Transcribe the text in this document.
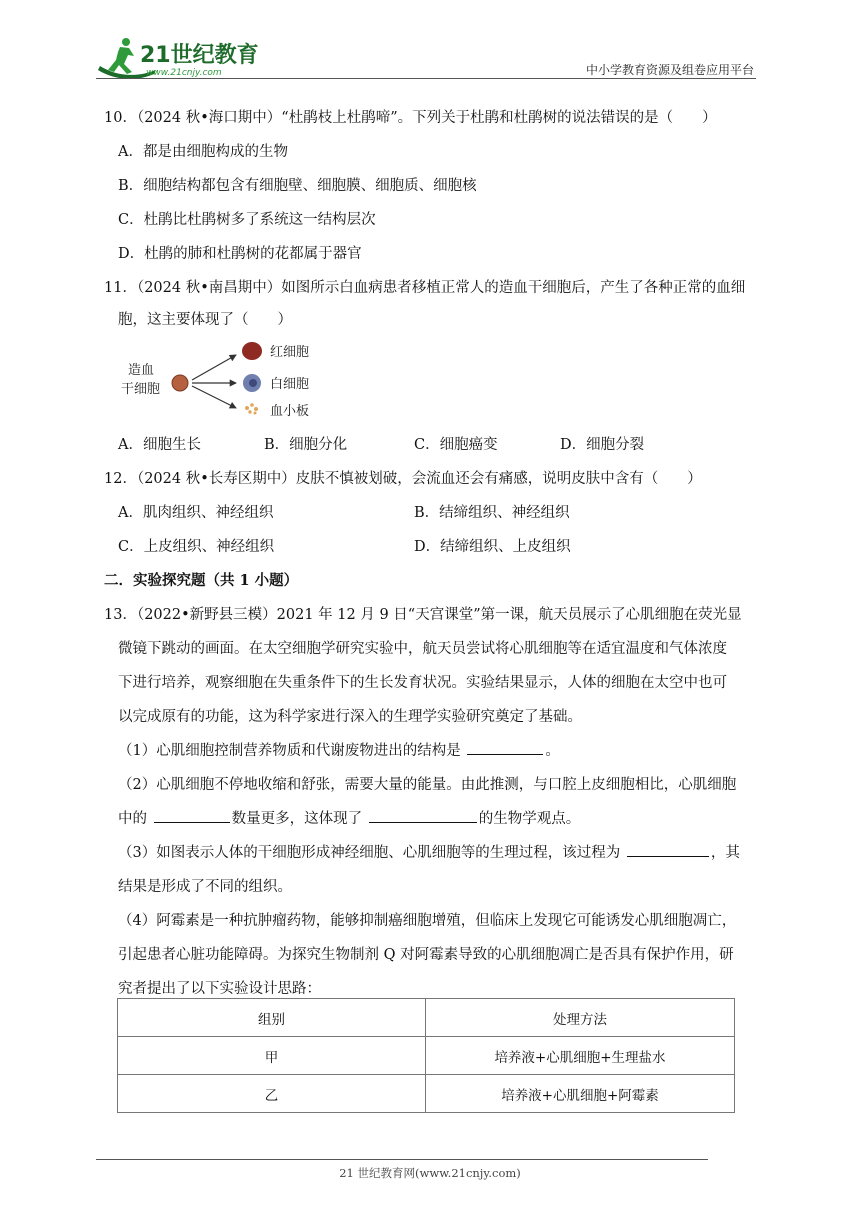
21世纪教育
www.21cnjy.com	中小学教育资源及组卷应用平台
10．（2024 秋•海口期中）“杜鹃枝上杜鹃啼”。下列关于杜鹃和杜鹃树的说法错误的是（　　）
A．都是由细胞构成的生物
B．细胞结构都包含有细胞壁、细胞膜、细胞质、细胞核
C．杜鹃比杜鹃树多了系统这一结构层次
D．杜鹃的肺和杜鹃树的花都属于器官
11．（2024 秋•南昌期中）如图所示白血病患者移植正常人的造血干细胞后，产生了各种正常的血细
胞，这主要体现了（　　）
造血
干细胞
红细胞
白细胞
血小板
A．细胞生长	B．细胞分化	C．细胞癌变	D．细胞分裂
12．（2024 秋•长寿区期中）皮肤不慎被划破，会流血还会有痛感，说明皮肤中含有（　　）
A．肌肉组织、神经组织	B．结缔组织、神经组织
C．上皮组织、神经组织	D．结缔组织、上皮组织
二．实验探究题（共 1 小题）
13．（2022•新野县三模）2021 年 12 月 9 日“天宫课堂”第一课，航天员展示了心肌细胞在荧光显
微镜下跳动的画面。在太空细胞学研究实验中，航天员尝试将心肌细胞等在适宜温度和气体浓度
下进行培养，观察细胞在失重条件下的生长发育状况。实验结果显示，人体的细胞在太空中也可
以完成原有的功能，这为科学家进行深入的生理学实验研究奠定了基础。
（1）心肌细胞控制营养物质和代谢废物进出的结构是	。
（2）心肌细胞不停地收缩和舒张，需要大量的能量。由此推测，与口腔上皮细胞相比，心肌细胞
中的	数量更多，这体现了	的生物学观点。
（3）如图表示人体的干细胞形成神经细胞、心肌细胞等的生理过程，该过程为	，其
结果是形成了不同的组织。
（4）阿霉素是一种抗肿瘤药物，能够抑制癌细胞增殖，但临床上发现它可能诱发心肌细胞凋亡，
引起患者心脏功能障碍。为探究生物制剂 Q 对阿霉素导致的心肌细胞凋亡是否具有保护作用，研
究者提出了以下实验设计思路：
组别	处理方法
甲	培养液+心肌细胞+生理盐水
乙	培养液+心肌细胞+阿霉素
21 世纪教育网(www.21cnjy.com)
